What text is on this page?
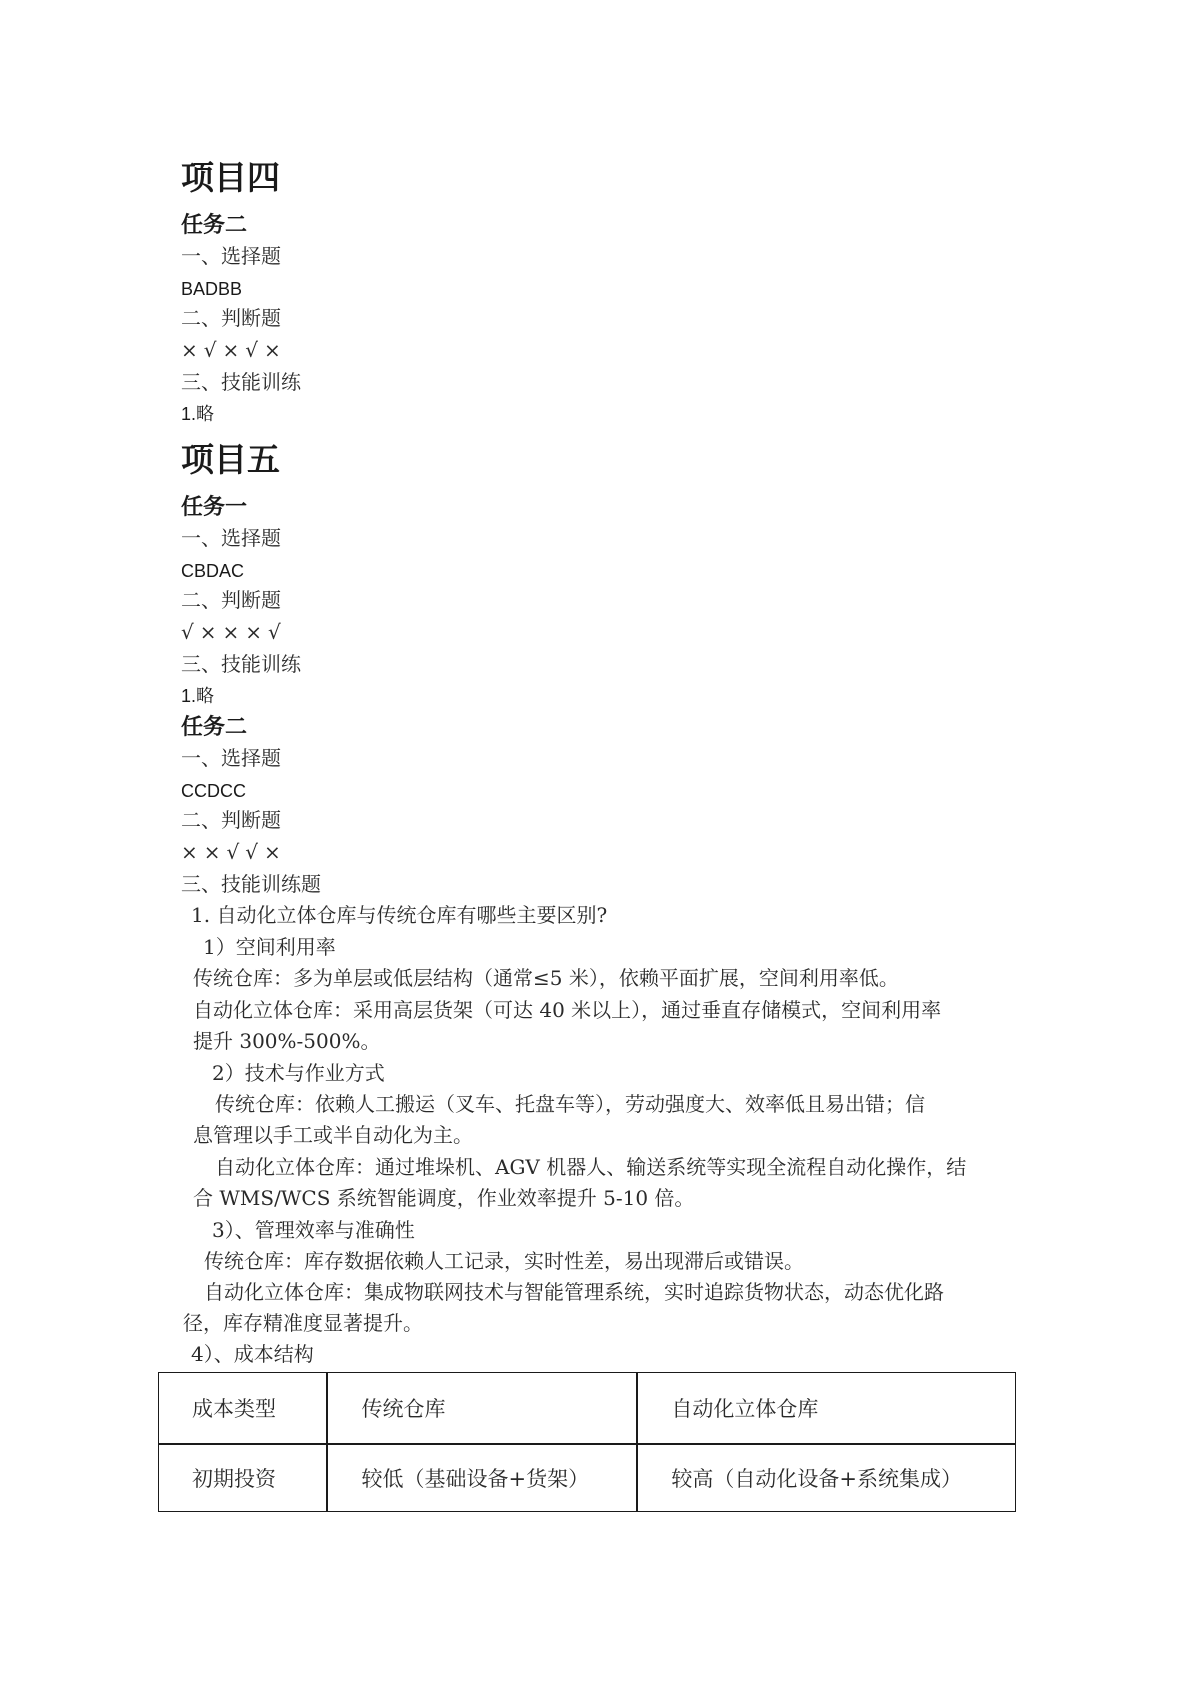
项目四
任务二
一、选择题
BADBB
二、判断题
×√×√×
三、技能训练
1.略
项目五
任务一
一、选择题
CBDAC
二、判断题
√×××√
三、技能训练
1.略
任务二
一、选择题
CCDCC
二、判断题
××√√×
三、技能训练题
1. 自动化立体仓库与传统仓库有哪些主要区别?
1）空间利用率
传统仓库：多为单层或低层结构（通常≤5 米），依赖平面扩展，空间利用率低。
自动化立体仓库：采用高层货架（可达 40 米以上），通过垂直存储模式，空间利用率
提升 300%-500%。
2）技术与作业方式
传统仓库：依赖人工搬运（叉车、托盘车等），劳动强度大、效率低且易出错；信
息管理以手工或半自动化为主。
自动化立体仓库：通过堆垛机、AGV 机器人、输送系统等实现全流程自动化操作，结
合 WMS/WCS 系统智能调度，作业效率提升 5-10 倍。
3）、管理效率与准确性
传统仓库：库存数据依赖人工记录，实时性差，易出现滞后或错误。
自动化立体仓库：集成物联网技术与智能管理系统，实时追踪货物状态，动态优化路
径，库存精准度显著提升。
4）、成本结构
成本类型	传统仓库	自动化立体仓库
初期投资	较低（基础设备+货架）	较高（自动化设备+系统集成）
